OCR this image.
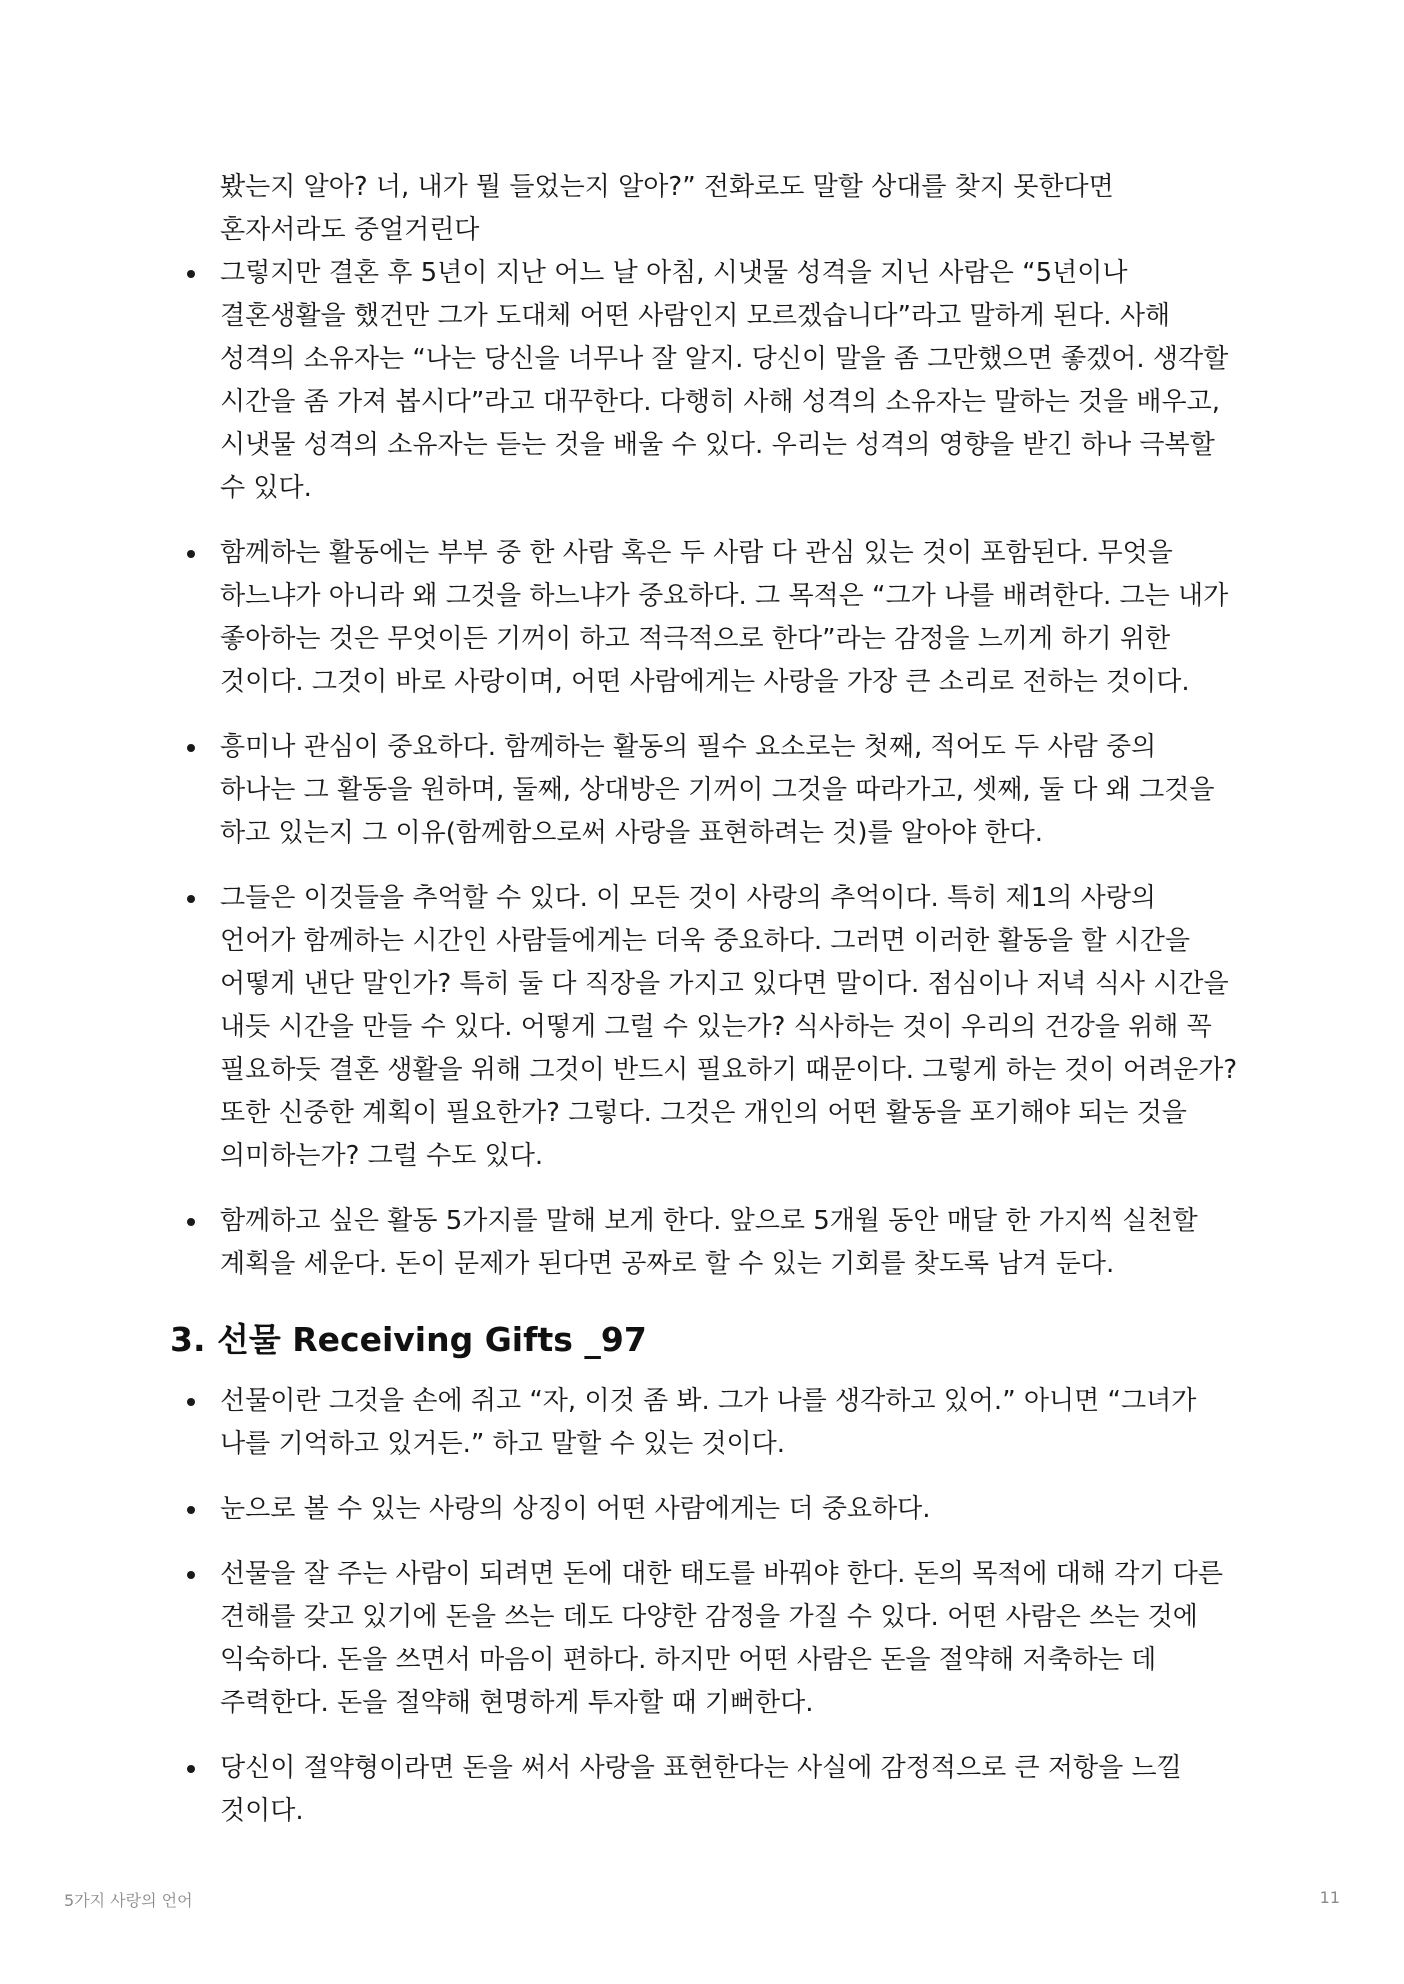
봤는지 알아? 너, 내가 뭘 들었는지 알아?” 전화로도 말할 상대를 찾지 못한다면 혼자서라도 중얼거린다

그렇지만 결혼 후 5년이 지난 어느 날 아침, 시냇물 성격을 지닌 사람은 “5년이나 결혼생활을 했건만 그가 도대체 어떤 사람인지 모르겠습니다”라고 말하게 된다. 사해 성격의 소유자는 “나는 당신을 너무나 잘 알지. 당신이 말을 좀 그만했으면 좋겠어. 생각할 시간을 좀 가져 봅시다”라고 대꾸한다. 다행히 사해 성격의 소유자는 말하는 것을 배우고, 시냇물 성격의 소유자는 듣는 것을 배울 수 있다. 우리는 성격의 영향을 받긴 하나 극복할 수 있다.
함께하는 활동에는 부부 중 한 사람 혹은 두 사람 다 관심 있는 것이 포함된다. 무엇을 하느냐가 아니라 왜 그것을 하느냐가 중요하다. 그 목적은 “그가 나를 배려한다. 그는 내가 좋아하는 것은 무엇이든 기꺼이 하고 적극적으로 한다”라는 감정을 느끼게 하기 위한 것이다. 그것이 바로 사랑이며, 어떤 사람에게는 사랑을 가장 큰 소리로 전하는 것이다.
흥미나 관심이 중요하다. 함께하는 활동의 필수 요소로는 첫째, 적어도 두 사람 중의 하나는 그 활동을 원하며, 둘째, 상대방은 기꺼이 그것을 따라가고, 셋째, 둘 다 왜 그것을 하고 있는지 그 이유(함께함으로써 사랑을 표현하려는 것)를 알아야 한다.
그들은 이것들을 추억할 수 있다. 이 모든 것이 사랑의 추억이다. 특히 제1의 사랑의 언어가 함께하는 시간인 사람들에게는 더욱 중요하다. 그러면 이러한 활동을 할 시간을 어떻게 낸단 말인가? 특히 둘 다 직장을 가지고 있다면 말이다. 점심이나 저녁 식사 시간을 내듯 시간을 만들 수 있다. 어떻게 그럴 수 있는가? 식사하는 것이 우리의 건강을 위해 꼭 필요하듯 결혼 생활을 위해 그것이 반드시 필요하기 때문이다. 그렇게 하는 것이 어려운가? 또한 신중한 계획이 필요한가? 그렇다. 그것은 개인의 어떤 활동을 포기해야 되는 것을 의미하는가? 그럴 수도 있다.
함께하고 싶은 활동 5가지를 말해 보게 한다. 앞으로 5개월 동안 매달 한 가지씩 실천할 계획을 세운다. 돈이 문제가 된다면 공짜로 할 수 있는 기회를 찾도록 남겨 둔다.
3. 선물 Receiving Gifts _97
선물이란 그것을 손에 쥐고 “자, 이것 좀 봐. 그가 나를 생각하고 있어.” 아니면 “그녀가 나를 기억하고 있거든.” 하고 말할 수 있는 것이다.
눈으로 볼 수 있는 사랑의 상징이 어떤 사람에게는 더 중요하다.
선물을 잘 주는 사람이 되려면 돈에 대한 태도를 바꿔야 한다. 돈의 목적에 대해 각기 다른 견해를 갖고 있기에 돈을 쓰는 데도 다양한 감정을 가질 수 있다. 어떤 사람은 쓰는 것에 익숙하다. 돈을 쓰면서 마음이 편하다. 하지만 어떤 사람은 돈을 절약해 저축하는 데 주력한다. 돈을 절약해 현명하게 투자할 때 기뻐한다.
당신이 절약형이라면 돈을 써서 사랑을 표현한다는 사실에 감정적으로 큰 저항을 느낄 것이다.
5가지 사랑의 언어	11
